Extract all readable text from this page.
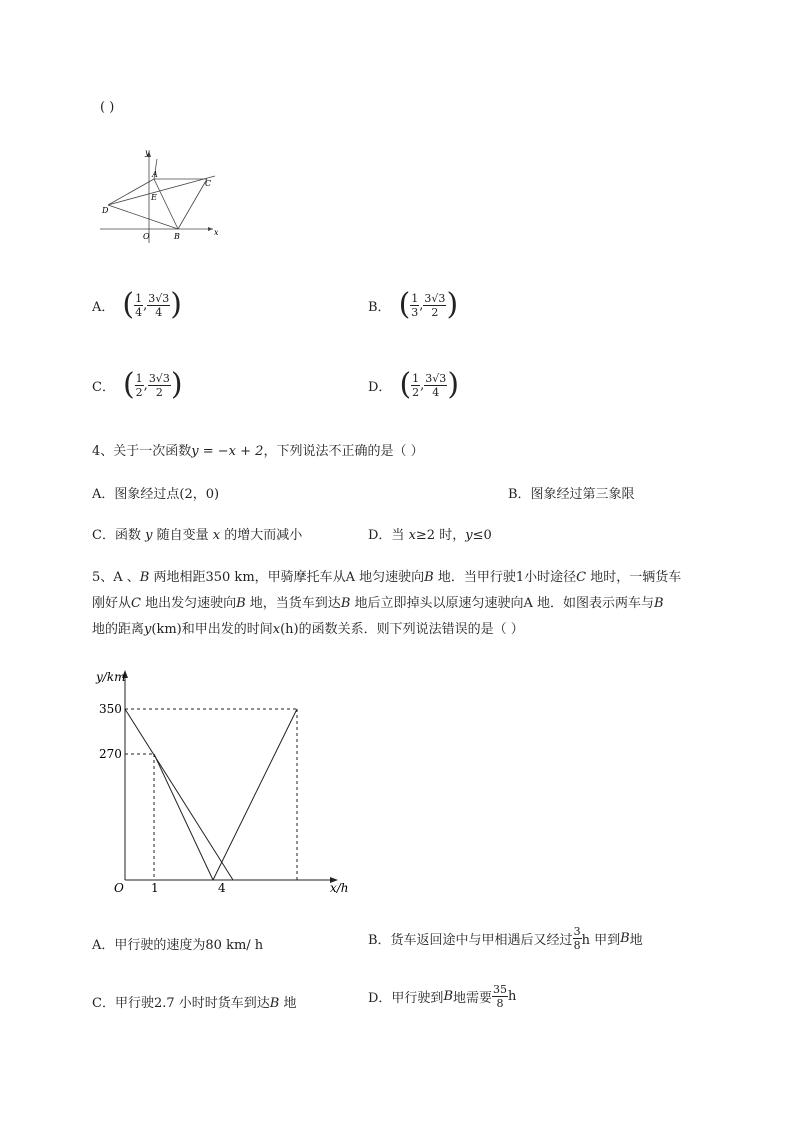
( )
y
x
A
C
E
D
O	B
A． ( $\frac{1}{4}$ , $\frac{3√3}{4}$ )	B． ( $\frac{1}{3}$ , $\frac{3√3}{2}$ )
C． ( $\frac{1}{2}$ , $\frac{3√3}{2}$ )	D． ( $\frac{1}{2}$ , $\frac{3√3}{4}$ )
4、关于一次函数y = −x + 2，下列说法不正确的是（ ）
A．图象经过点(2，0)	B．图象经过第三象限
C．函数 y 随自变量 x 的增大而减小	D．当 x≥2 时，y≤0
5、A 、B 两地相距350 km，甲骑摩托车从A 地匀速驶向B 地．当甲行驶1小时途径C 地时，一辆货车
刚好从C 地出发匀速驶向B 地，当货车到达B 地后立即掉头以原速匀速驶向A 地．如图表示两车与B
地的距离y(km)和甲出发的时间x(h)的函数关系．则下列说法错误的是（ ）
y/km
x/h
O
350
270
1	4
A．甲行驶的速度为80 km/ h	B．货车返回途中与甲相遇后又经过 $\frac{3}{8}$ h 甲到 B 地
C．甲行驶2.7 小时时货车到达B 地	D．甲行驶到 B 地需要 $\frac{35}{8}$ h
